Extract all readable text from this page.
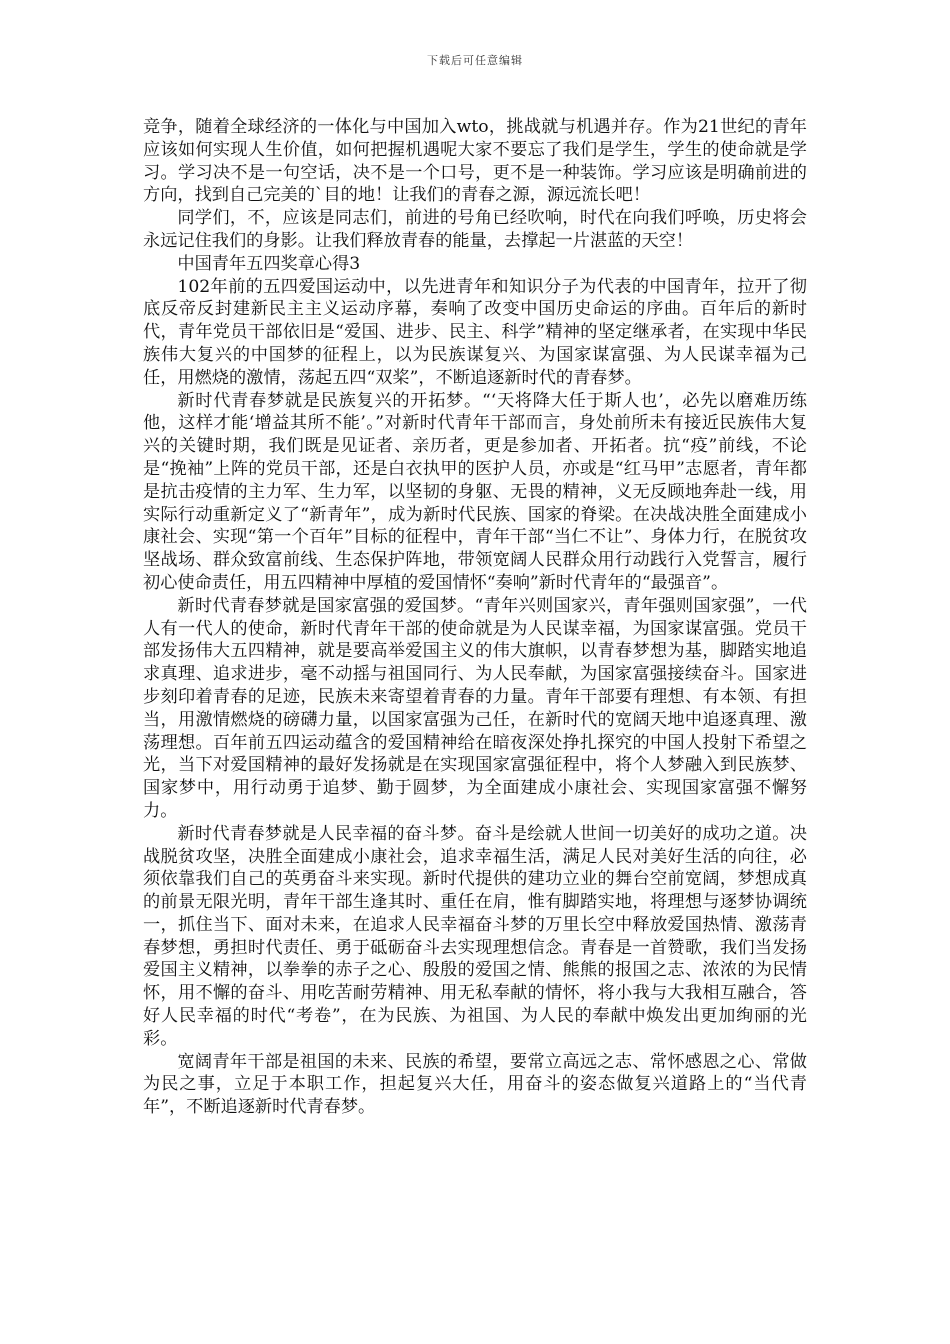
下载后可任意编辑

竞争，随着全球经济的一体化与中国加入wto，挑战就与机遇并存。作为21世纪的青年应该如何实现人生价值，如何把握机遇呢大家不要忘了我们是学生，学生的使命就是学习。学习决不是一句空话，决不是一个口号，更不是一种装饰。学习应该是明确前进的方向，找到自己完美的`目的地！让我们的青春之源，源远流长吧！

同学们，不，应该是同志们，前进的号角已经吹响，时代在向我们呼唤，历史将会永远记住我们的身影。让我们释放青春的能量，去撑起一片湛蓝的天空！

中国青年五四奖章心得3

102年前的五四爱国运动中，以先进青年和知识分子为代表的中国青年，拉开了彻底反帝反封建新民主主义运动序幕，奏响了改变中国历史命运的序曲。百年后的新时代，青年党员干部依旧是“爱国、进步、民主、科学”精神的坚定继承者，在实现中华民族伟大复兴的中国梦的征程上，以为民族谋复兴、为国家谋富强、为人民谋幸福为己任，用燃烧的激情，荡起五四“双桨”，不断追逐新时代的青春梦。

新时代青春梦就是民族复兴的开拓梦。“‘天将降大任于斯人也’，必先以磨难历练他，这样才能‘增益其所不能’。”对新时代青年干部而言，身处前所未有接近民族伟大复兴的关键时期，我们既是见证者、亲历者，更是参加者、开拓者。抗“疫”前线，不论是“挽袖”上阵的党员干部，还是白衣执甲的医护人员，亦或是“红马甲”志愿者，青年都是抗击疫情的主力军、生力军，以坚韧的身躯、无畏的精神，义无反顾地奔赴一线，用实际行动重新定义了“新青年”，成为新时代民族、国家的脊梁。在决战决胜全面建成小康社会、实现“第一个百年”目标的征程中，青年干部“当仁不让”、身体力行，在脱贫攻坚战场、群众致富前线、生态保护阵地，带领宽阔人民群众用行动践行入党誓言，履行初心使命责任，用五四精神中厚植的爱国情怀“奏响”新时代青年的“最强音”。

新时代青春梦就是国家富强的爱国梦。“青年兴则国家兴，青年强则国家强”，一代人有一代人的使命，新时代青年干部的使命就是为人民谋幸福，为国家谋富强。党员干部发扬伟大五四精神，就是要高举爱国主义的伟大旗帜，以青春梦想为基，脚踏实地追求真理、追求进步，毫不动摇与祖国同行、为人民奉献，为国家富强接续奋斗。国家进步刻印着青春的足迹，民族未来寄望着青春的力量。青年干部要有理想、有本领、有担当，用激情燃烧的磅礴力量，以国家富强为己任，在新时代的宽阔天地中追逐真理、激荡理想。百年前五四运动蕴含的爱国精神给在暗夜深处挣扎探究的中国人投射下希望之光，当下对爱国精神的最好发扬就是在实现国家富强征程中，将个人梦融入到民族梦、国家梦中，用行动勇于追梦、勤于圆梦，为全面建成小康社会、实现国家富强不懈努力。

新时代青春梦就是人民幸福的奋斗梦。奋斗是绘就人世间一切美好的成功之道。决战脱贫攻坚，决胜全面建成小康社会，追求幸福生活，满足人民对美好生活的向往，必须依靠我们自己的英勇奋斗来实现。新时代提供的建功立业的舞台空前宽阔，梦想成真的前景无限光明，青年干部生逢其时、重任在肩，惟有脚踏实地，将理想与逐梦协调统一，抓住当下、面对未来，在追求人民幸福奋斗梦的万里长空中释放爱国热情、激荡青春梦想，勇担时代责任、勇于砥砺奋斗去实现理想信念。青春是一首赞歌，我们当发扬爱国主义精神，以拳拳的赤子之心、殷殷的爱国之情、熊熊的报国之志、浓浓的为民情怀，用不懈的奋斗、用吃苦耐劳精神、用无私奉献的情怀，将小我与大我相互融合，答好人民幸福的时代“考卷”，在为民族、为祖国、为人民的奉献中焕发出更加绚丽的光彩。

宽阔青年干部是祖国的未来、民族的希望，要常立高远之志、常怀感恩之心、常做为民之事，立足于本职工作，担起复兴大任，用奋斗的姿态做复兴道路上的“当代青年”，不断追逐新时代青春梦。
